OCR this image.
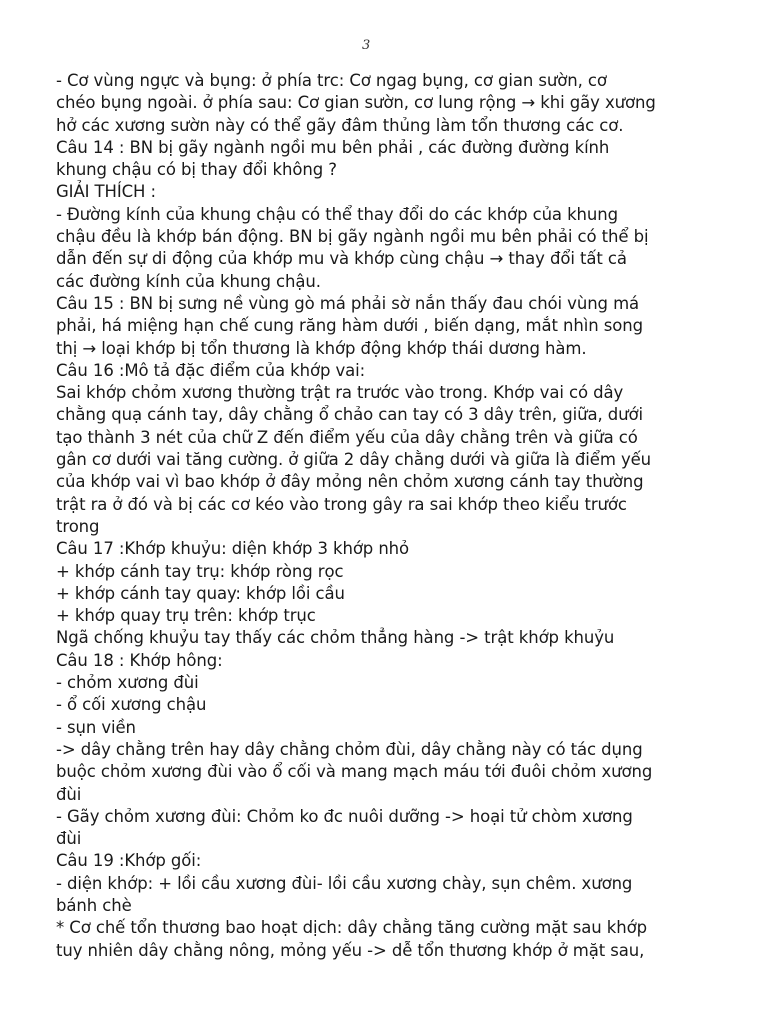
3
- Cơ vùng ngực và bụng: ở phía trc: Cơ ngag bụng, cơ gian sườn, cơ
chéo bụng ngoài. ở phía sau: Cơ gian sườn, cơ lung rộng → khi gãy xương
hở các xương sườn này có thể gãy đâm thủng làm tổn thương các cơ.
Câu 14 : BN bị gãy ngành ngồi mu bên phải , các đường đường kính
khung chậu có bị thay đổi không ?
GIẢI THÍCH :
- Đường kính của khung chậu có thể thay đổi do các khớp của khung
chậu đều là khớp bán động. BN bị gãy ngành ngồi mu bên phải có thể bị
dẫn đến sự di động của khớp mu và khớp cùng chậu → thay đổi tất cả
các đường kính của khung chậu.
Câu 15 : BN bị sưng nề vùng gò má phải sờ nắn thấy đau chói vùng má
phải, há miệng hạn chế cung răng hàm dưới , biến dạng, mắt nhìn song
thị → loại khớp bị tổn thương là khớp động khớp thái dương hàm.
Câu 16 :Mô tả đặc điểm của khớp vai:
Sai khớp chỏm xương thường trật ra trước vào trong. Khớp vai có dây
chằng quạ cánh tay, dây chằng ổ chảo can tay có 3 dây trên, giữa, dưới
tạo thành 3 nét của chữ Z đến điểm yếu của dây chằng trên và giữa có
gân cơ dưới vai tăng cường. ở giữa 2 dây chằng dưới và giữa là điểm yếu
của khớp vai vì bao khớp ở đây mỏng nên chỏm xương cánh tay thường
trật ra ở đó và bị các cơ kéo vào trong gây ra sai khớp theo kiểu trước
trong
Câu 17 :Khớp khuỷu: diện khớp 3 khớp nhỏ
+ khớp cánh tay trụ: khớp ròng rọc
+ khớp cánh tay quay: khớp lồi cầu
+ khớp quay trụ trên: khớp trục
Ngã chống khuỷu tay thấy các chỏm thẳng hàng -> trật khớp khuỷu
Câu 18 : Khớp hông:
- chỏm xương đùi
- ổ cối xương chậu
- sụn viền
-> dây chằng trên hay dây chằng chỏm đùi, dây chằng này có tác dụng
buộc chỏm xương đùi vào ổ cối và mang mạch máu tới đuôi chỏm xương
đùi
- Gãy chỏm xương đùi: Chỏm ko đc nuôi dưỡng -> hoại tử chòm xương
đùi
Câu 19 :Khớp gối:
- diện khớp: + lồi cầu xương đùi- lồi cầu xương chày, sụn chêm. xương
bánh chè
* Cơ chế tổn thương bao hoạt dịch: dây chằng tăng cường mặt sau khớp
tuy nhiên dây chằng nông, mỏng yếu -> dễ tổn thương khớp ở mặt sau,
